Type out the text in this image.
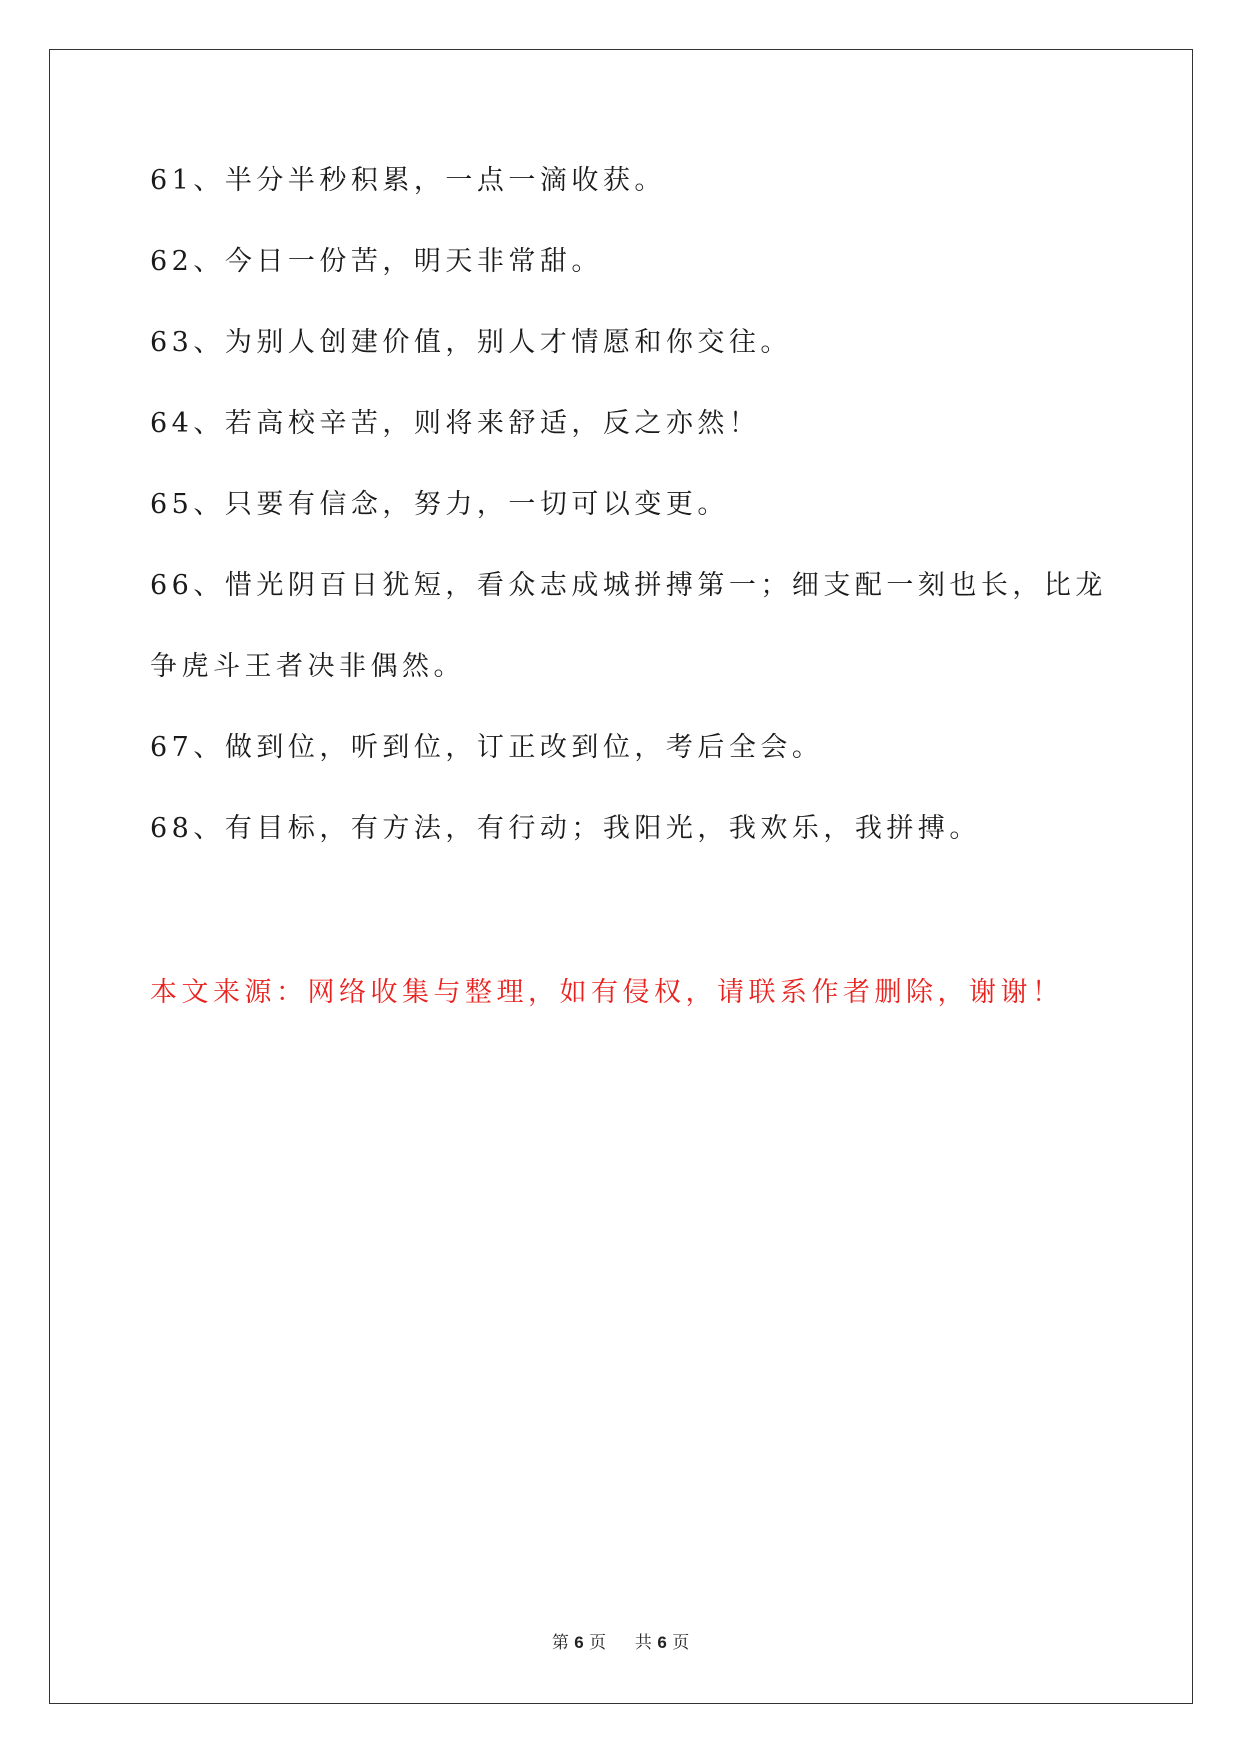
61、半分半秒积累，一点一滴收获。

62、今日一份苦，明天非常甜。

63、为别人创建价值，别人才情愿和你交往。

64、若高校辛苦，则将来舒适，反之亦然！

65、只要有信念，努力，一切可以变更。

66、惜光阴百日犹短，看众志成城拼搏第一；细支配一刻也长，比龙

争虎斗王者决非偶然。

67、做到位，听到位，订正改到位，考后全会。

68、有目标，有方法，有行动；我阳光，我欢乐，我拼搏。

本文来源：网络收集与整理，如有侵权，请联系作者删除，谢谢！

第 6 页 共 6 页
